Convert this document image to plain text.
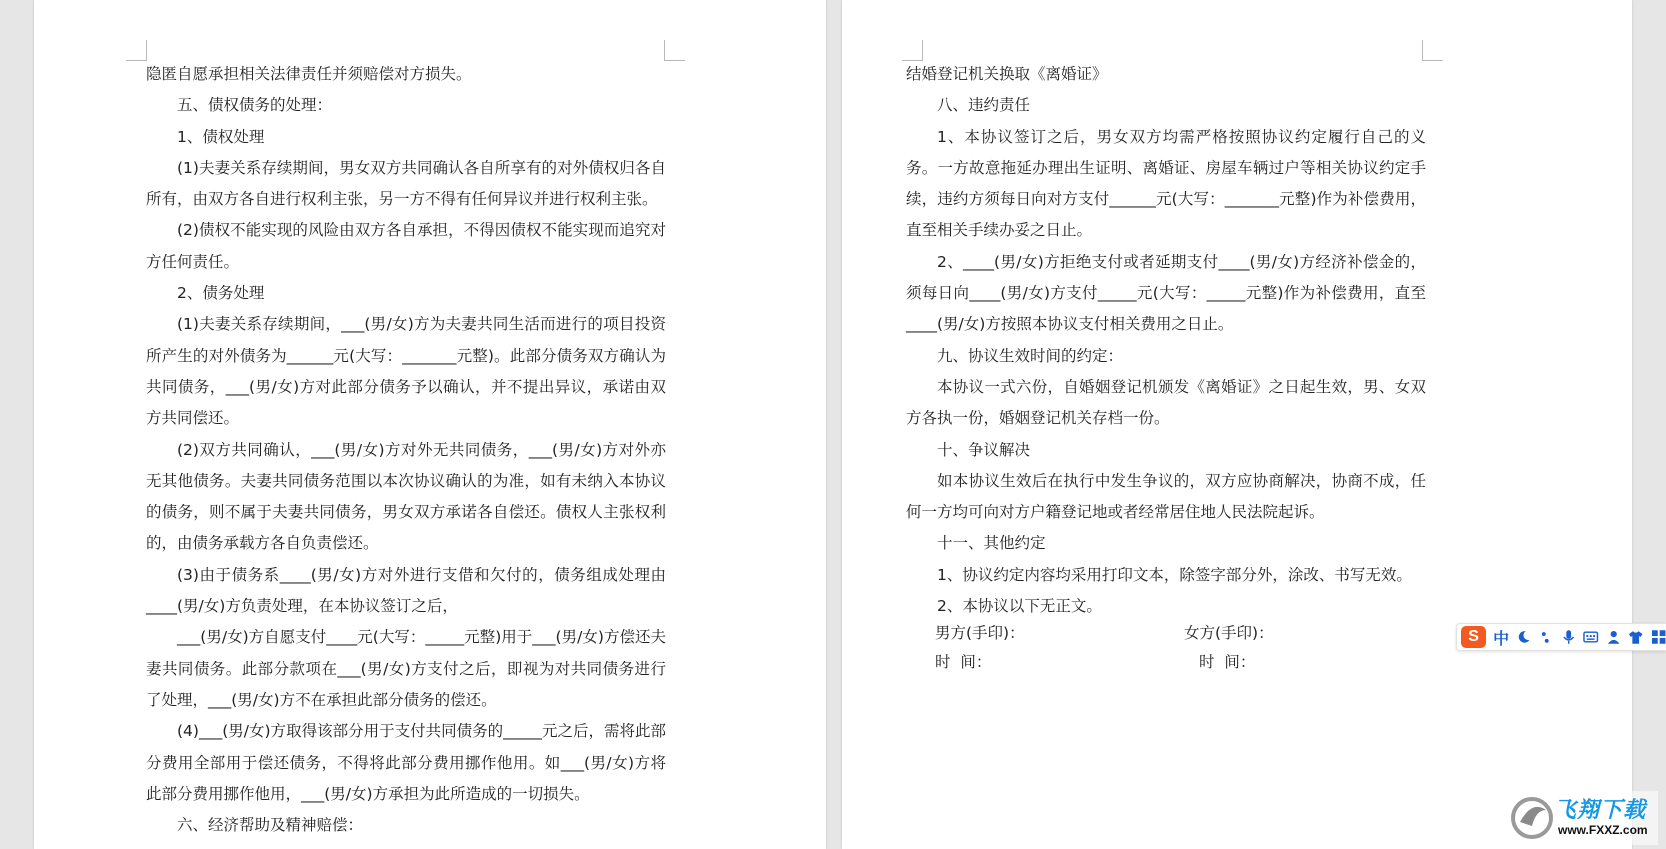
隐匿自愿承担相关法律责任并须赔偿对方损失。

五、债权债务的处理：

1、债权处理

(1)夫妻关系存续期间，男女双方共同确认各自所享有的对外债权归各自所有，由双方各自进行权利主张，另一方不得有任何异议并进行权利主张。

(2)债权不能实现的风险由双方各自承担，不得因债权不能实现而追究对方任何责任。

2、债务处理

(1)夫妻关系存续期间，___(男/女)方为夫妻共同生活而进行的项目投资所产生的对外债务为______元(大写：_______元整)。此部分债务双方确认为共同债务，___(男/女)方对此部分债务予以确认，并不提出异议，承诺由双方共同偿还。

(2)双方共同确认，___(男/女)方对外无共同债务，___(男/女)方对外亦无其他债务。夫妻共同债务范围以本次协议确认的为准，如有未纳入本协议的债务，则不属于夫妻共同债务，男女双方承诺各自偿还。债权人主张权利的，由债务承载方各自负责偿还。

(3)由于债务系____(男/女)方对外进行支借和欠付的，债务组成处理由____(男/女)方负责处理，在本协议签订之后，

___(男/女)方自愿支付____元(大写：_____元整)用于___(男/女)方偿还夫妻共同债务。此部分款项在___(男/女)方支付之后，即视为对共同债务进行了处理，___(男/女)方不在承担此部分债务的偿还。

(4)___(男/女)方取得该部分用于支付共同债务的_____元之后，需将此部分费用全部用于偿还债务，不得将此部分费用挪作他用。如___(男/女)方将此部分费用挪作他用，___(男/女)方承担为此所造成的一切损失。

六、经济帮助及精神赔偿：

结婚登记机关换取《离婚证》

八、违约责任

1、本协议签订之后，男女双方均需严格按照协议约定履行自己的义务。一方故意拖延办理出生证明、离婚证、房屋车辆过户等相关协议约定手续，违约方须每日向对方支付______元(大写：_______元整)作为补偿费用，直至相关手续办妥之日止。

2、____(男/女)方拒绝支付或者延期支付____(男/女)方经济补偿金的，须每日向____(男/女)方支付_____元(大写：_____元整)作为补偿费用，直至____(男/女)方按照本协议支付相关费用之日止。

九、协议生效时间的约定：

本协议一式六份，自婚姻登记机颁发《离婚证》之日起生效，男、女双方各执一份，婚姻登记机关存档一份。

十、争议解决

如本协议生效后在执行中发生争议的，双方应协商解决，协商不成，任何一方均可向对方户籍登记地或者经常居住地人民法院起诉。

十一、其他约定

1、协议约定内容均采用打印文本，除签字部分外，涂改、书写无效。

2、本协议以下无正文。

男方(手印)：	女方(手印)：
时  间：	时  间：
S 中
飞翔下载
www.FXXZ.com
